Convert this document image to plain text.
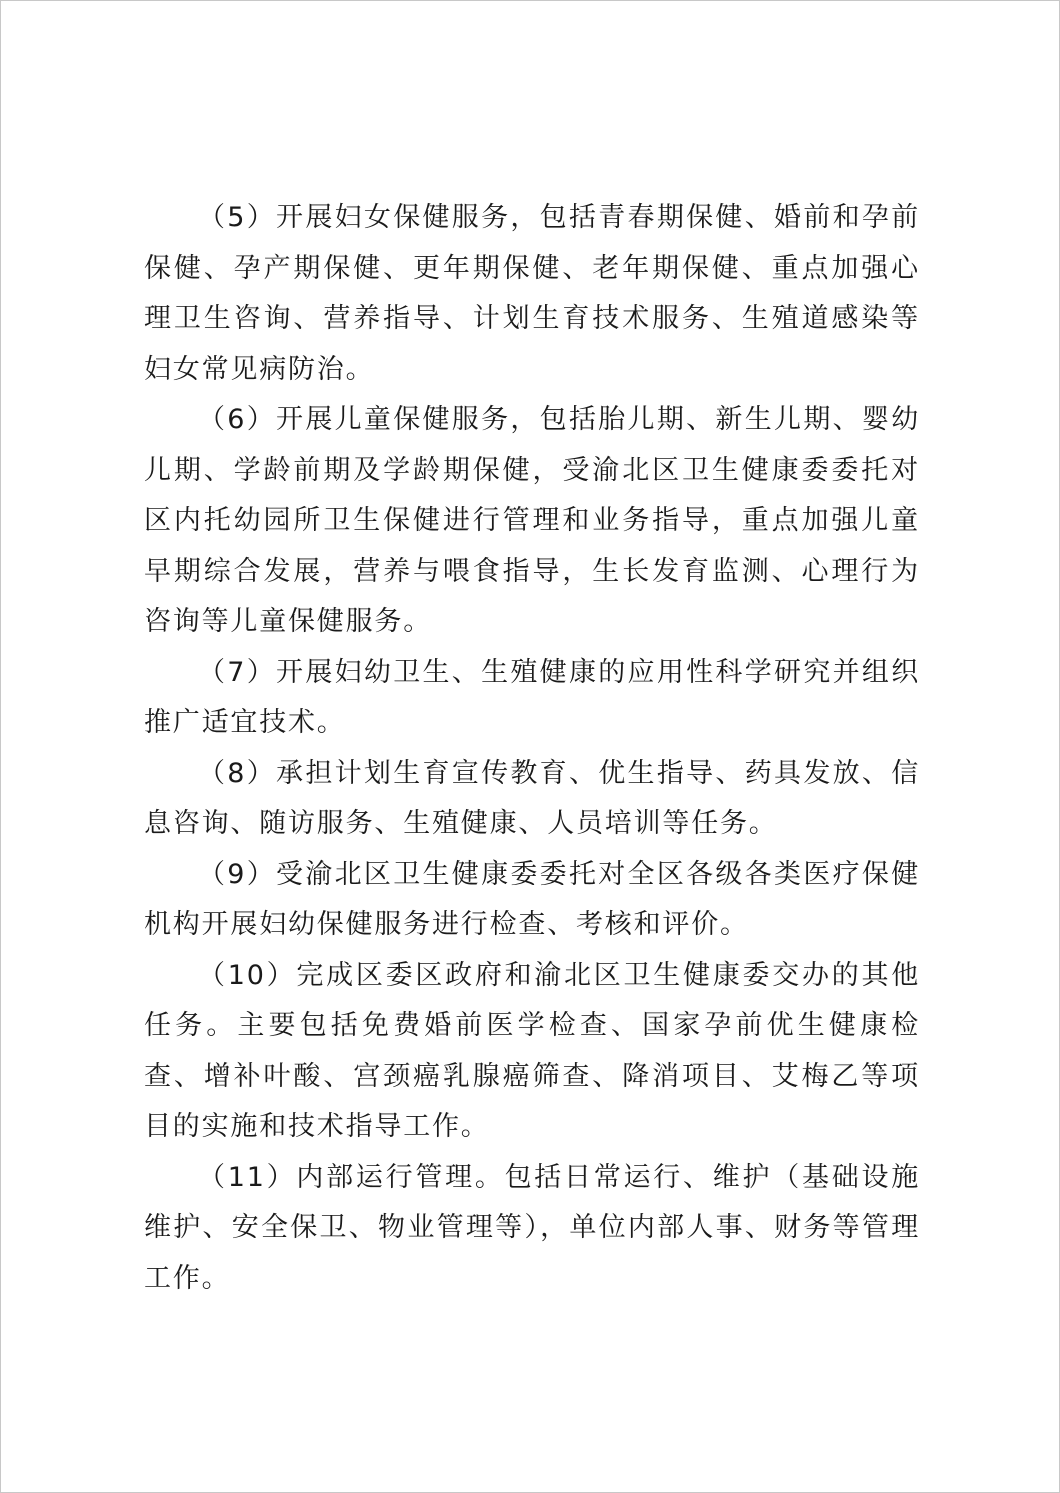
（5）开展妇女保健服务，包括青春期保健、婚前和孕前保健、孕产期保健、更年期保健、老年期保健、重点加强心理卫生咨询、营养指导、计划生育技术服务、生殖道感染等妇女常见病防治。

（6）开展儿童保健服务，包括胎儿期、新生儿期、婴幼儿期、学龄前期及学龄期保健，受渝北区卫生健康委委托对区内托幼园所卫生保健进行管理和业务指导，重点加强儿童早期综合发展，营养与喂食指导，生长发育监测、心理行为咨询等儿童保健服务。

（7）开展妇幼卫生、生殖健康的应用性科学研究并组织推广适宜技术。

（8）承担计划生育宣传教育、优生指导、药具发放、信息咨询、随访服务、生殖健康、人员培训等任务。

（9）受渝北区卫生健康委委托对全区各级各类医疗保健机构开展妇幼保健服务进行检查、考核和评价。

（10）完成区委区政府和渝北区卫生健康委交办的其他任务。主要包括免费婚前医学检查、国家孕前优生健康检查、增补叶酸、宫颈癌乳腺癌筛查、降消项目、艾梅乙等项目的实施和技术指导工作。

（11）内部运行管理。包括日常运行、维护（基础设施维护、安全保卫、物业管理等），单位内部人事、财务等管理工作。
